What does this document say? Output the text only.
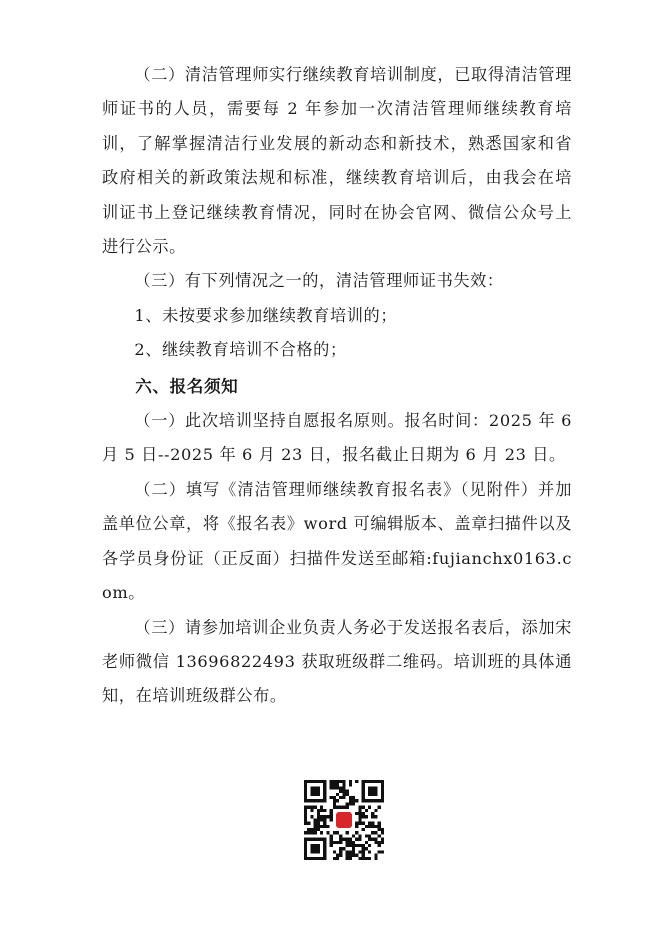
（二）清洁管理师实行继续教育培训制度，已取得清洁管理师证书的人员，需要每 2 年参加一次清洁管理师继续教育培训，了解掌握清洁行业发展的新动态和新技术，熟悉国家和省政府相关的新政策法规和标准，继续教育培训后，由我会在培训证书上登记继续教育情况，同时在协会官网、微信公众号上进行公示。

（三）有下列情况之一的，清洁管理师证书失效：

1、未按要求参加继续教育培训的；

2、继续教育培训不合格的；

六、报名须知

（一）此次培训坚持自愿报名原则。报名时间：2025 年 6 月 5 日--2025 年 6 月 23 日，报名截止日期为 6 月 23 日。

（二）填写《清洁管理师继续教育报名表》（见附件）并加盖单位公章，将《报名表》word 可编辑版本、盖章扫描件以及各学员身份证（正反面）扫描件发送至邮箱:fujianchx0163.com。

（三）请参加培训企业负责人务必于发送报名表后，添加宋老师微信 13696822493 获取班级群二维码。培训班的具体通知，在培训班级群公布。
